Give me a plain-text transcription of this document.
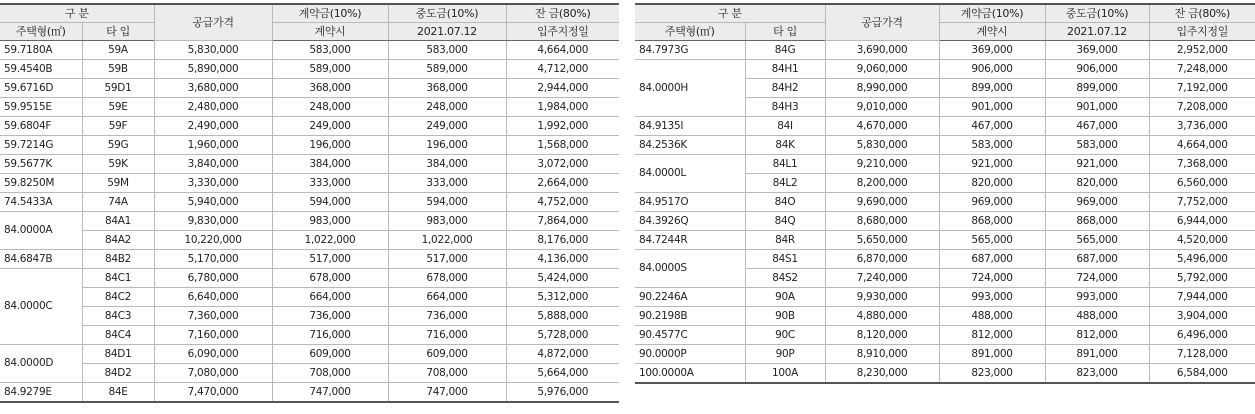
구 분		공급가격	계약금(10%)	중도금(10%)	잔 금(80%)
주택형(㎡)	타 입		계약시	2021.07.12	입주지정일
59.7180A	59A	5,830,000	583,000	583,000	4,664,000
59.4540B	59B	5,890,000	589,000	589,000	4,712,000
59.6716D	59D1	3,680,000	368,000	368,000	2,944,000
59.9515E	59E	2,480,000	248,000	248,000	1,984,000
59.6804F	59F	2,490,000	249,000	249,000	1,992,000
59.7214G	59G	1,960,000	196,000	196,000	1,568,000
59.5677K	59K	3,840,000	384,000	384,000	3,072,000
59.8250M	59M	3,330,000	333,000	333,000	2,664,000
74.5433A	74A	5,940,000	594,000	594,000	4,752,000
84.0000A	84A1	9,830,000	983,000	983,000	7,864,000
	84A2	10,220,000	1,022,000	1,022,000	8,176,000
84.6847B	84B2	5,170,000	517,000	517,000	4,136,000
84.0000C	84C1	6,780,000	678,000	678,000	5,424,000
	84C2	6,640,000	664,000	664,000	5,312,000
	84C3	7,360,000	736,000	736,000	5,888,000
	84C4	7,160,000	716,000	716,000	5,728,000
84.0000D	84D1	6,090,000	609,000	609,000	4,872,000
	84D2	7,080,000	708,000	708,000	5,664,000
84.9279E	84E	7,470,000	747,000	747,000	5,976,000
구 분		공급가격	계약금(10%)	중도금(10%)	잔 금(80%)
주택형(㎡)	타 입		계약시	2021.07.12	입주지정일
84.7973G	84G	3,690,000	369,000	369,000	2,952,000
84.0000H	84H1	9,060,000	906,000	906,000	7,248,000
	84H2	8,990,000	899,000	899,000	7,192,000
	84H3	9,010,000	901,000	901,000	7,208,000
84.9135I	84I	4,670,000	467,000	467,000	3,736,000
84.2536K	84K	5,830,000	583,000	583,000	4,664,000
84.0000L	84L1	9,210,000	921,000	921,000	7,368,000
	84L2	8,200,000	820,000	820,000	6,560,000
84.9517O	84O	9,690,000	969,000	969,000	7,752,000
84.3926Q	84Q	8,680,000	868,000	868,000	6,944,000
84.7244R	84R	5,650,000	565,000	565,000	4,520,000
84.0000S	84S1	6,870,000	687,000	687,000	5,496,000
	84S2	7,240,000	724,000	724,000	5,792,000
90.2246A	90A	9,930,000	993,000	993,000	7,944,000
90.2198B	90B	4,880,000	488,000	488,000	3,904,000
90.4577C	90C	8,120,000	812,000	812,000	6,496,000
90.0000P	90P	8,910,000	891,000	891,000	7,128,000
100.0000A	100A	8,230,000	823,000	823,000	6,584,000
